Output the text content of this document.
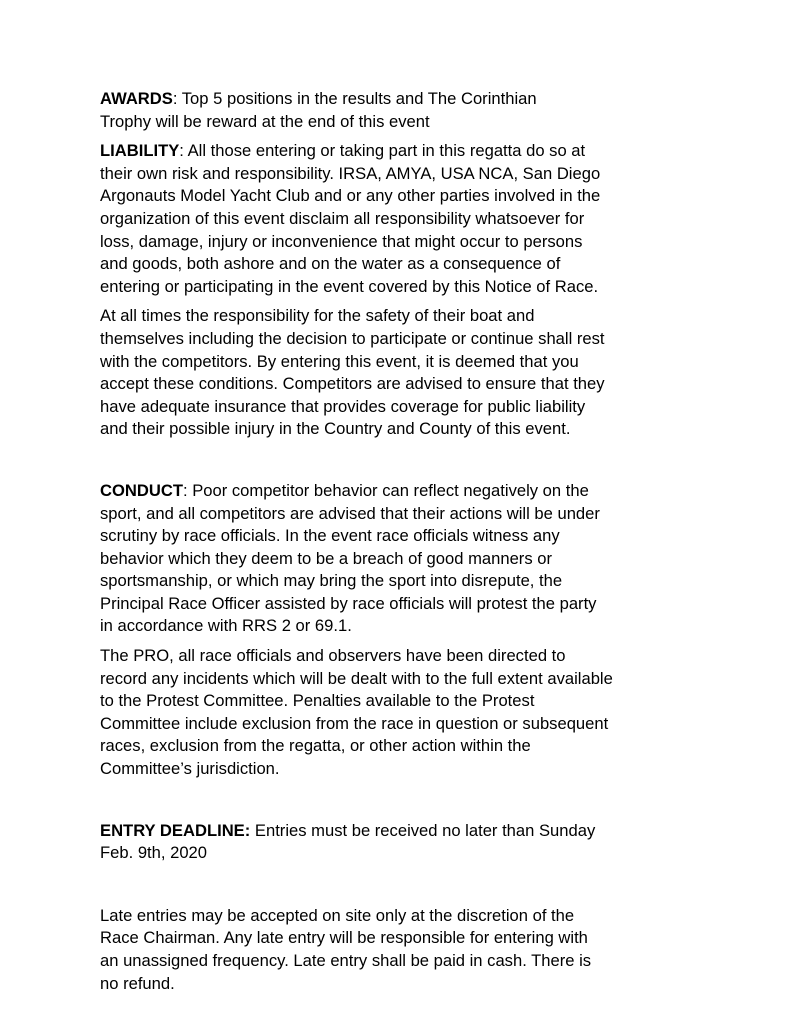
AWARDS: Top 5 positions in the results and The Corinthian
Trophy will be reward at the end of this event

LIABILITY: All those entering or taking part in this regatta do so at
their own risk and responsibility. IRSA, AMYA, USA NCA, San Diego
Argonauts Model Yacht Club and or any other parties involved in the
organization of this event disclaim all responsibility whatsoever for
loss, damage, injury or inconvenience that might occur to persons
and goods, both ashore and on the water as a consequence of
entering or participating in the event covered by this Notice of Race.

At all times the responsibility for the safety of their boat and
themselves including the decision to participate or continue shall rest
with the competitors. By entering this event, it is deemed that you
accept these conditions. Competitors are advised to ensure that they
have adequate insurance that provides coverage for public liability
and their possible injury in the Country and County of this event.

CONDUCT: Poor competitor behavior can reflect negatively on the
sport, and all competitors are advised that their actions will be under
scrutiny by race officials. In the event race officials witness any
behavior which they deem to be a breach of good manners or
sportsmanship, or which may bring the sport into disrepute, the
Principal Race Officer assisted by race officials will protest the party
in accordance with RRS 2 or 69.1.

The PRO, all race officials and observers have been directed to
record any incidents which will be dealt with to the full extent available
to the Protest Committee. Penalties available to the Protest
Committee include exclusion from the race in question or subsequent
races, exclusion from the regatta, or other action within the
Committee’s jurisdiction.

ENTRY DEADLINE: Entries must be received no later than Sunday
Feb. 9th, 2020

Late entries may be accepted on site only at the discretion of the
Race Chairman. Any late entry will be responsible for entering with
an unassigned frequency. Late entry shall be paid in cash. There is
no refund.
